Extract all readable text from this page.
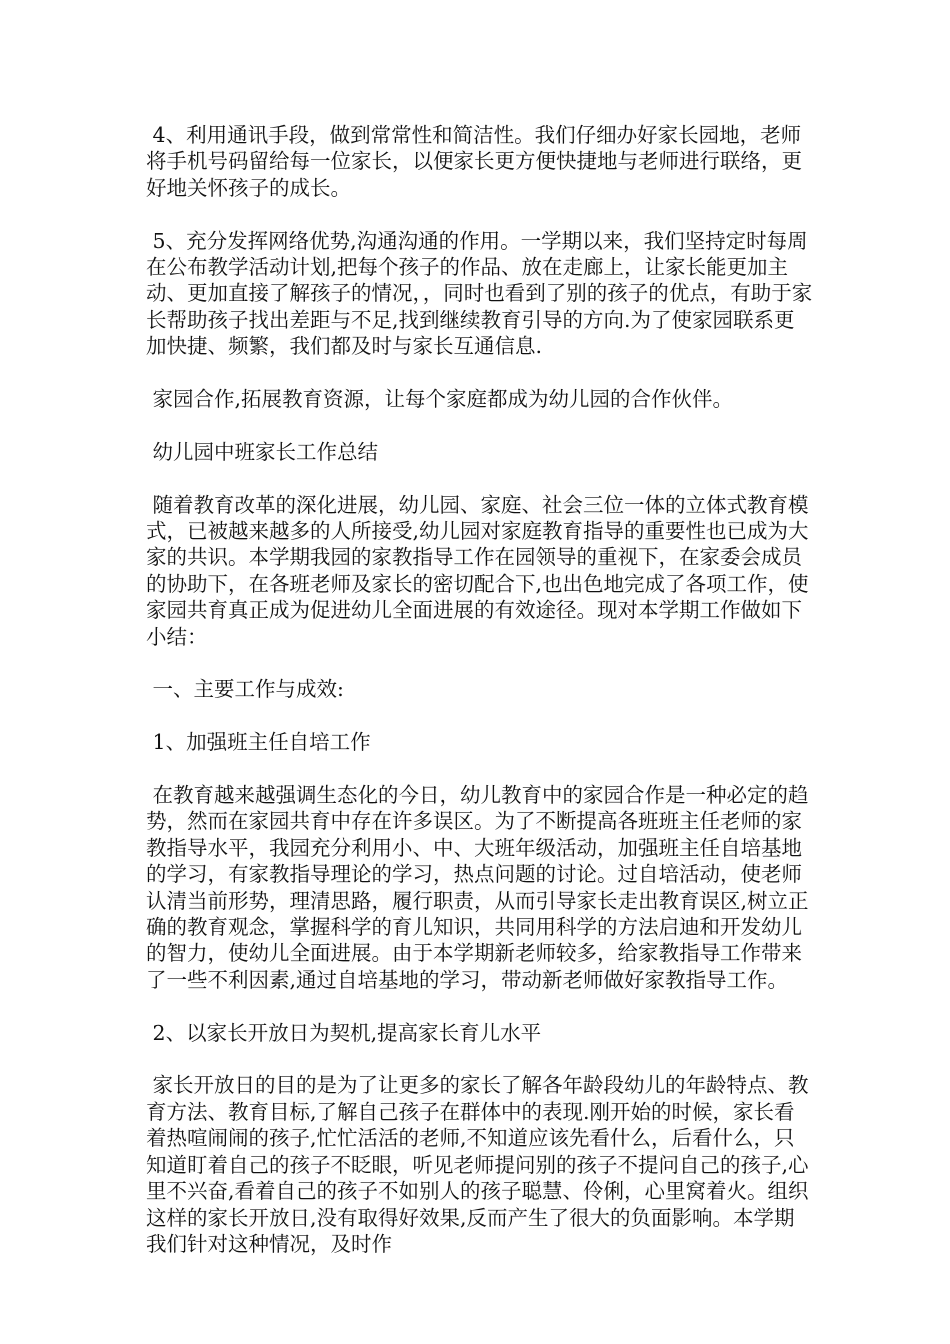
4、利用通讯手段，做到常常性和简洁性。我们仔细办好家长园地，老师将手机号码留给每一位家长，以便家长更方便快捷地与老师进行联络，更好地关怀孩子的成长。

5、充分发挥网络优势,沟通沟通的作用。一学期以来，我们坚持定时每周在公布教学活动计划,把每个孩子的作品、放在走廊上，让家长能更加主动、更加直接了解孩子的情况，，同时也看到了别的孩子的优点，有助于家长帮助孩子找出差距与不足,找到继续教育引导的方向.为了使家园联系更加快捷、频繁，我们都及时与家长互通信息.

家园合作,拓展教育资源，让每个家庭都成为幼儿园的合作伙伴。

幼儿园中班家长工作总结

随着教育改革的深化进展，幼儿园、家庭、社会三位一体的立体式教育模式，已被越来越多的人所接受,幼儿园对家庭教育指导的重要性也已成为大家的共识。本学期我园的家教指导工作在园领导的重视下，在家委会成员的协助下，在各班老师及家长的密切配合下,也出色地完成了各项工作，使家园共育真正成为促进幼儿全面进展的有效途径。现对本学期工作做如下小结：

一、主要工作与成效:

1、加强班主任自培工作

在教育越来越强调生态化的今日，幼儿教育中的家园合作是一种必定的趋势，然而在家园共育中存在许多误区。为了不断提高各班班主任老师的家教指导水平，我园充分利用小、中、大班年级活动，加强班主任自培基地的学习，有家教指导理论的学习，热点问题的讨论。过自培活动，使老师认清当前形势，理清思路，履行职责，从而引导家长走出教育误区,树立正确的教育观念，掌握科学的育儿知识，共同用科学的方法启迪和开发幼儿的智力，使幼儿全面进展。由于本学期新老师较多，给家教指导工作带来了一些不利因素,通过自培基地的学习，带动新老师做好家教指导工作。

2、以家长开放日为契机,提高家长育儿水平

家长开放日的目的是为了让更多的家长了解各年龄段幼儿的年龄特点、教育方法、教育目标,了解自己孩子在群体中的表现.刚开始的时候，家长看着热喧闹闹的孩子,忙忙活活的老师,不知道应该先看什么，后看什么，只知道盯着自己的孩子不眨眼，听见老师提问别的孩子不提问自己的孩子,心里不兴奋,看着自己的孩子不如别人的孩子聪慧、伶俐，心里窝着火。组织这样的家长开放日,没有取得好效果,反而产生了很大的负面影响。本学期我们针对这种情况，及时作
